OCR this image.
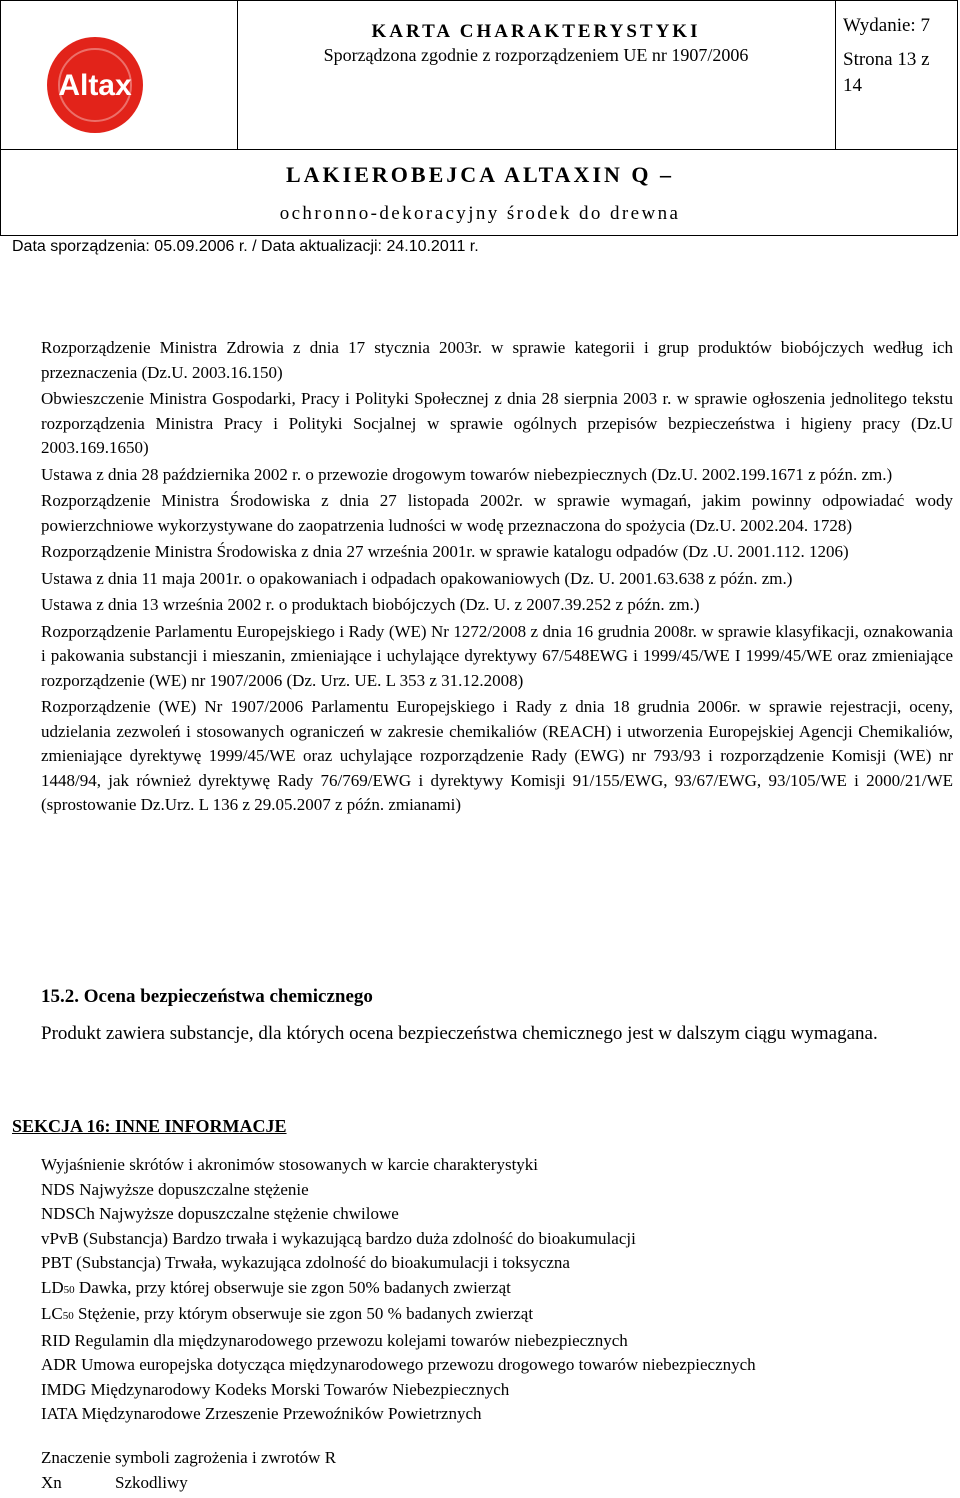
Altax
KARTA CHARAKTERYSTYKI
Sporządzona zgodnie z rozporządzeniem UE nr 1907/2006
Wydanie: 7
Strona 13 z 14
LAKIEROBEJCA ALTAXIN Q –
ochronno-dekoracyjny środek do drewna
Data sporządzenia: 05.09.2006 r. / Data aktualizacji: 24.10.2011 r.

Rozporządzenie Ministra Zdrowia z dnia 17 stycznia 2003r. w sprawie kategorii i grup produktów biobójczych według ich przeznaczenia (Dz.U. 2003.16.150)

Obwieszczenie Ministra Gospodarki, Pracy i Polityki Społecznej z dnia 28 sierpnia 2003 r. w sprawie ogłoszenia jednolitego tekstu rozporządzenia Ministra Pracy i Polityki Socjalnej w sprawie ogólnych przepisów bezpieczeństwa i higieny pracy (Dz.U 2003.169.1650)

Ustawa z dnia 28 października 2002 r. o przewozie drogowym towarów niebezpiecznych (Dz.U. 2002.199.1671 z późn. zm.)

Rozporządzenie Ministra Środowiska z dnia 27 listopada 2002r. w sprawie wymagań, jakim powinny odpowiadać wody powierzchniowe wykorzystywane do zaopatrzenia ludności w wodę przeznaczona do spożycia (Dz.U. 2002.204. 1728)

Rozporządzenie Ministra Środowiska z dnia 27 września 2001r. w sprawie katalogu odpadów (Dz .U. 2001.112. 1206)

Ustawa z dnia 11 maja 2001r. o opakowaniach i odpadach opakowaniowych (Dz. U. 2001.63.638 z późn. zm.)

Ustawa z dnia 13 września 2002 r. o produktach biobójczych (Dz. U. z 2007.39.252 z późn. zm.)

Rozporządzenie Parlamentu Europejskiego i Rady (WE) Nr 1272/2008 z dnia 16 grudnia 2008r. w sprawie klasyfikacji, oznakowania i pakowania substancji i mieszanin, zmieniające i uchylające dyrektywy 67/548EWG i 1999/45/WE I 1999/45/WE oraz zmieniające rozporządzenie (WE) nr 1907/2006 (Dz. Urz. UE. L 353 z 31.12.2008)

Rozporządzenie (WE) Nr 1907/2006 Parlamentu Europejskiego i Rady z dnia 18 grudnia 2006r. w sprawie rejestracji, oceny, udzielania zezwoleń i stosowanych ograniczeń w zakresie chemikaliów (REACH) i utworzenia Europejskiej Agencji Chemikaliów, zmieniające dyrektywę 1999/45/WE oraz uchylające rozporządzenie Rady (EWG) nr 793/93 i rozporządzenie Komisji (WE) nr 1448/94, jak również dyrektywę Rady 76/769/EWG i dyrektywy Komisji 91/155/EWG, 93/67/EWG, 93/105/WE i 2000/21/WE (sprostowanie Dz.Urz. L 136 z 29.05.2007 z późn. zmianami)

15.2. Ocena bezpieczeństwa chemicznego

Produkt zawiera substancje, dla których ocena bezpieczeństwa chemicznego jest w dalszym ciągu wymagana.

SEKCJA 16: INNE INFORMACJE
Wyjaśnienie skrótów i akronimów stosowanych w karcie charakterystyki
NDS Najwyższe dopuszczalne stężenie
NDSCh Najwyższe dopuszczalne stężenie chwilowe
vPvB (Substancja) Bardzo trwała i wykazującą bardzo duża zdolność do bioakumulacji
PBT (Substancja) Trwała, wykazująca zdolność do bioakumulacji i toksyczna
LD50 Dawka, przy której obserwuje sie zgon 50% badanych zwierząt
LC50 Stężenie, przy którym obserwuje sie zgon 50 % badanych zwierząt
RID Regulamin dla międzynarodowego przewozu kolejami towarów niebezpiecznych
ADR Umowa europejska dotycząca międzynarodowego przewozu drogowego towarów niebezpiecznych
IMDG Międzynarodowy Kodeks Morski Towarów Niebezpiecznych
IATA Międzynarodowe Zrzeszenie Przewoźników Powietrznych
Znaczenie symboli zagrożenia i zwrotów R
Xn	Szkodliwy
